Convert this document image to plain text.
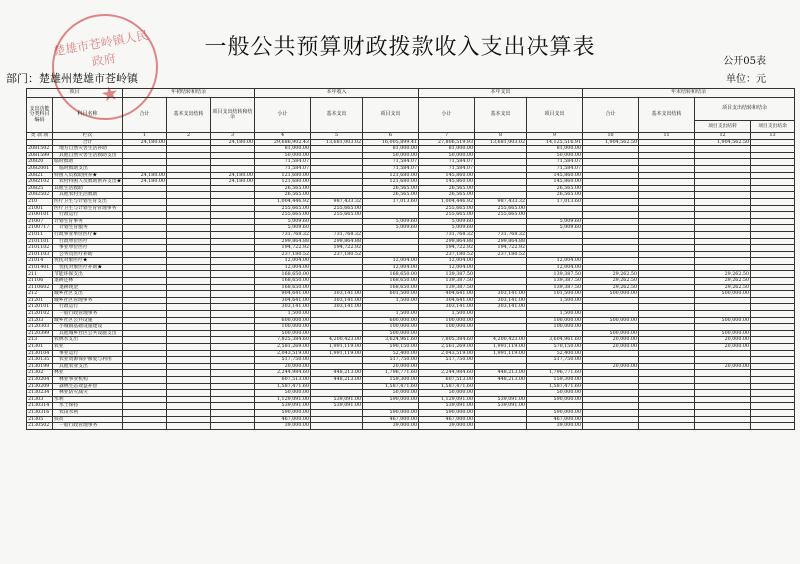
楚雄市苍岭镇人民政府
★
一般公共预算财政拨款收入支出决算表
公开05表
部门：楚雄州楚雄市苍岭镇	单位：元
项目		年初结转和结余			本年收入			本年支出			年末结转和结余			
支出功能分类科目编码	科目名称	合计	基本支出结转	项目支出结转和结余	小计	基本支出	项目支出	小计	基本支出	项目支出	合计	基本支出结转	项目支出结转和结余	
													项目支出结转	项目支出结余
类 款 项	栏次	1	2	3	4	5	6	7	8	9	10	11	12	13
	合计	24,180.00		24,180.00	29,686,902.43	13,681,003.02	16,005,899.41	27,806,519.93	13,681,003.02	14,125,516.91	1,904,562.50		1,904,562.50	
2081502	地方自然灾害生活补助				81,000.00		81,000.00	81,000.00		81,000.00				
2081599	其他自然灾害生活救助支出				50,000.00		50,000.00	50,000.00		50,000.00				
20820	临时救助				71,584.07		71,584.07	71,584.07		71,584.07				
2082001	临时救助支出				71,584.07		71,584.07	71,584.07		71,584.07				
20821	特困人员救助供养★	24,180.00		24,180.00	121,680.00		121,680.00	145,860.00		145,860.00				
2082102	农村特困人员救助供养支出★	24,180.00		24,180.00	121,680.00		121,680.00	145,860.00		145,860.00				
20825	其他生活救助				26,565.00		26,565.00	26,565.00		26,565.00				
2082502	其他农村生活救助				26,565.00		26,565.00	26,565.00		26,565.00				
210	医疗卫生与计划生育支出				1,004,446.92	987,433.32	17,013.60	1,004,446.92	987,433.32	17,013.60				
21001	医疗卫生与计划生育管理事务				255,665.00	255,665.00		255,665.00	255,665.00					
2100101	行政运行				255,665.00	255,665.00		255,665.00	255,665.00					
21007	计划生育事务				5,009.60		5,009.60	5,009.60		5,009.60				
2100717	计划生育服务				5,009.60		5,009.60	5,009.60		5,009.60				
21011	行政事业单位医疗★				731,768.32	731,768.32		731,768.32	731,768.32					
2101101	行政单位医疗				299,864.88	299,864.88		299,864.88	299,864.88					
2101102	事业单位医疗				194,722.92	194,722.92		194,722.92	194,722.92					
2101103	公务员医疗补助				237,180.52	237,180.52		237,180.52	237,180.52					
21014	优抚对象医疗★				12,004.00		12,004.00	12,004.00		12,004.00				
2101401	优抚对象医疗补助★				12,004.00		12,004.00	12,004.00		12,004.00				
211	节能环保支出				168,650.00		168,650.00	139,387.50		139,387.50	29,262.50		29,262.50	
21106	退耕还林				168,650.00		168,650.00	139,387.50		139,387.50	29,262.50		29,262.50	
2110602	退耕现金				168,650.00		168,650.00	139,387.50		139,387.50	29,262.50		29,262.50	
212	城乡社区支出				904,641.00	303,141.00	601,500.00	404,641.00	303,141.00	101,500.00	500,000.00		500,000.00	
21201	城乡社区管理事务				304,641.00	303,141.00	1,500.00	304,641.00	303,141.00	1,500.00				
2120101	行政运行				303,141.00	303,141.00		303,141.00	303,141.00					
2120102	一般行政管理事务				1,500.00		1,500.00	1,500.00		1,500.00				
21203	城乡社区公共设施				600,000.00		600,000.00	100,000.00		100,000.00	500,000.00		500,000.00	
2120303	小城镇基础设施建设				100,000.00		100,000.00	100,000.00		100,000.00				
2120399	其他城乡社区公共设施支出				500,000.00		500,000.00				500,000.00		500,000.00	
213	农林水支出				7,825,384.60	4,200,423.00	3,624,961.60	7,805,384.60	4,200,423.00	3,604,961.60	20,000.00		20,000.00	
21301	农业				2,581,269.00	1,991,119.00	590,150.00	2,561,269.00	1,991,119.00	570,150.00	20,000.00		20,000.00	
2130104	事业运行				2,043,519.00	1,991,119.00	52,400.00	2,043,519.00	1,991,119.00	52,400.00				
2130135	农业资源保护修复与利用				517,750.00		517,750.00	517,750.00		517,750.00				
2130199	其他农业支出				20,000.00		20,000.00				20,000.00		20,000.00	
21302	林业				2,244,984.60	448,213.00	1,796,771.60	2,244,984.60	448,213.00	1,796,771.60				
2130204	林业事业机构				607,513.00	448,213.00	159,300.00	607,513.00	448,213.00	159,300.00				
2130209	森林生态效益补偿				1,587,471.60		1,587,471.60	1,587,471.60		1,587,471.60				
2130234	林业防灾减灾				50,000.00		50,000.00	50,000.00		50,000.00				
21303	水利				1,129,091.00	539,091.00	590,000.00	1,129,091.00	539,091.00	590,000.00				
2130314	水土保持				539,091.00	539,091.00		539,091.00	539,091.00					
2130316	农田水利				590,000.00		590,000.00	590,000.00		590,000.00				
21305	扶贫				467,000.00		467,000.00	467,000.00		467,000.00				
2130502	一般行政管理事务				39,000.00		39,000.00	39,000.00		39,000.00				
